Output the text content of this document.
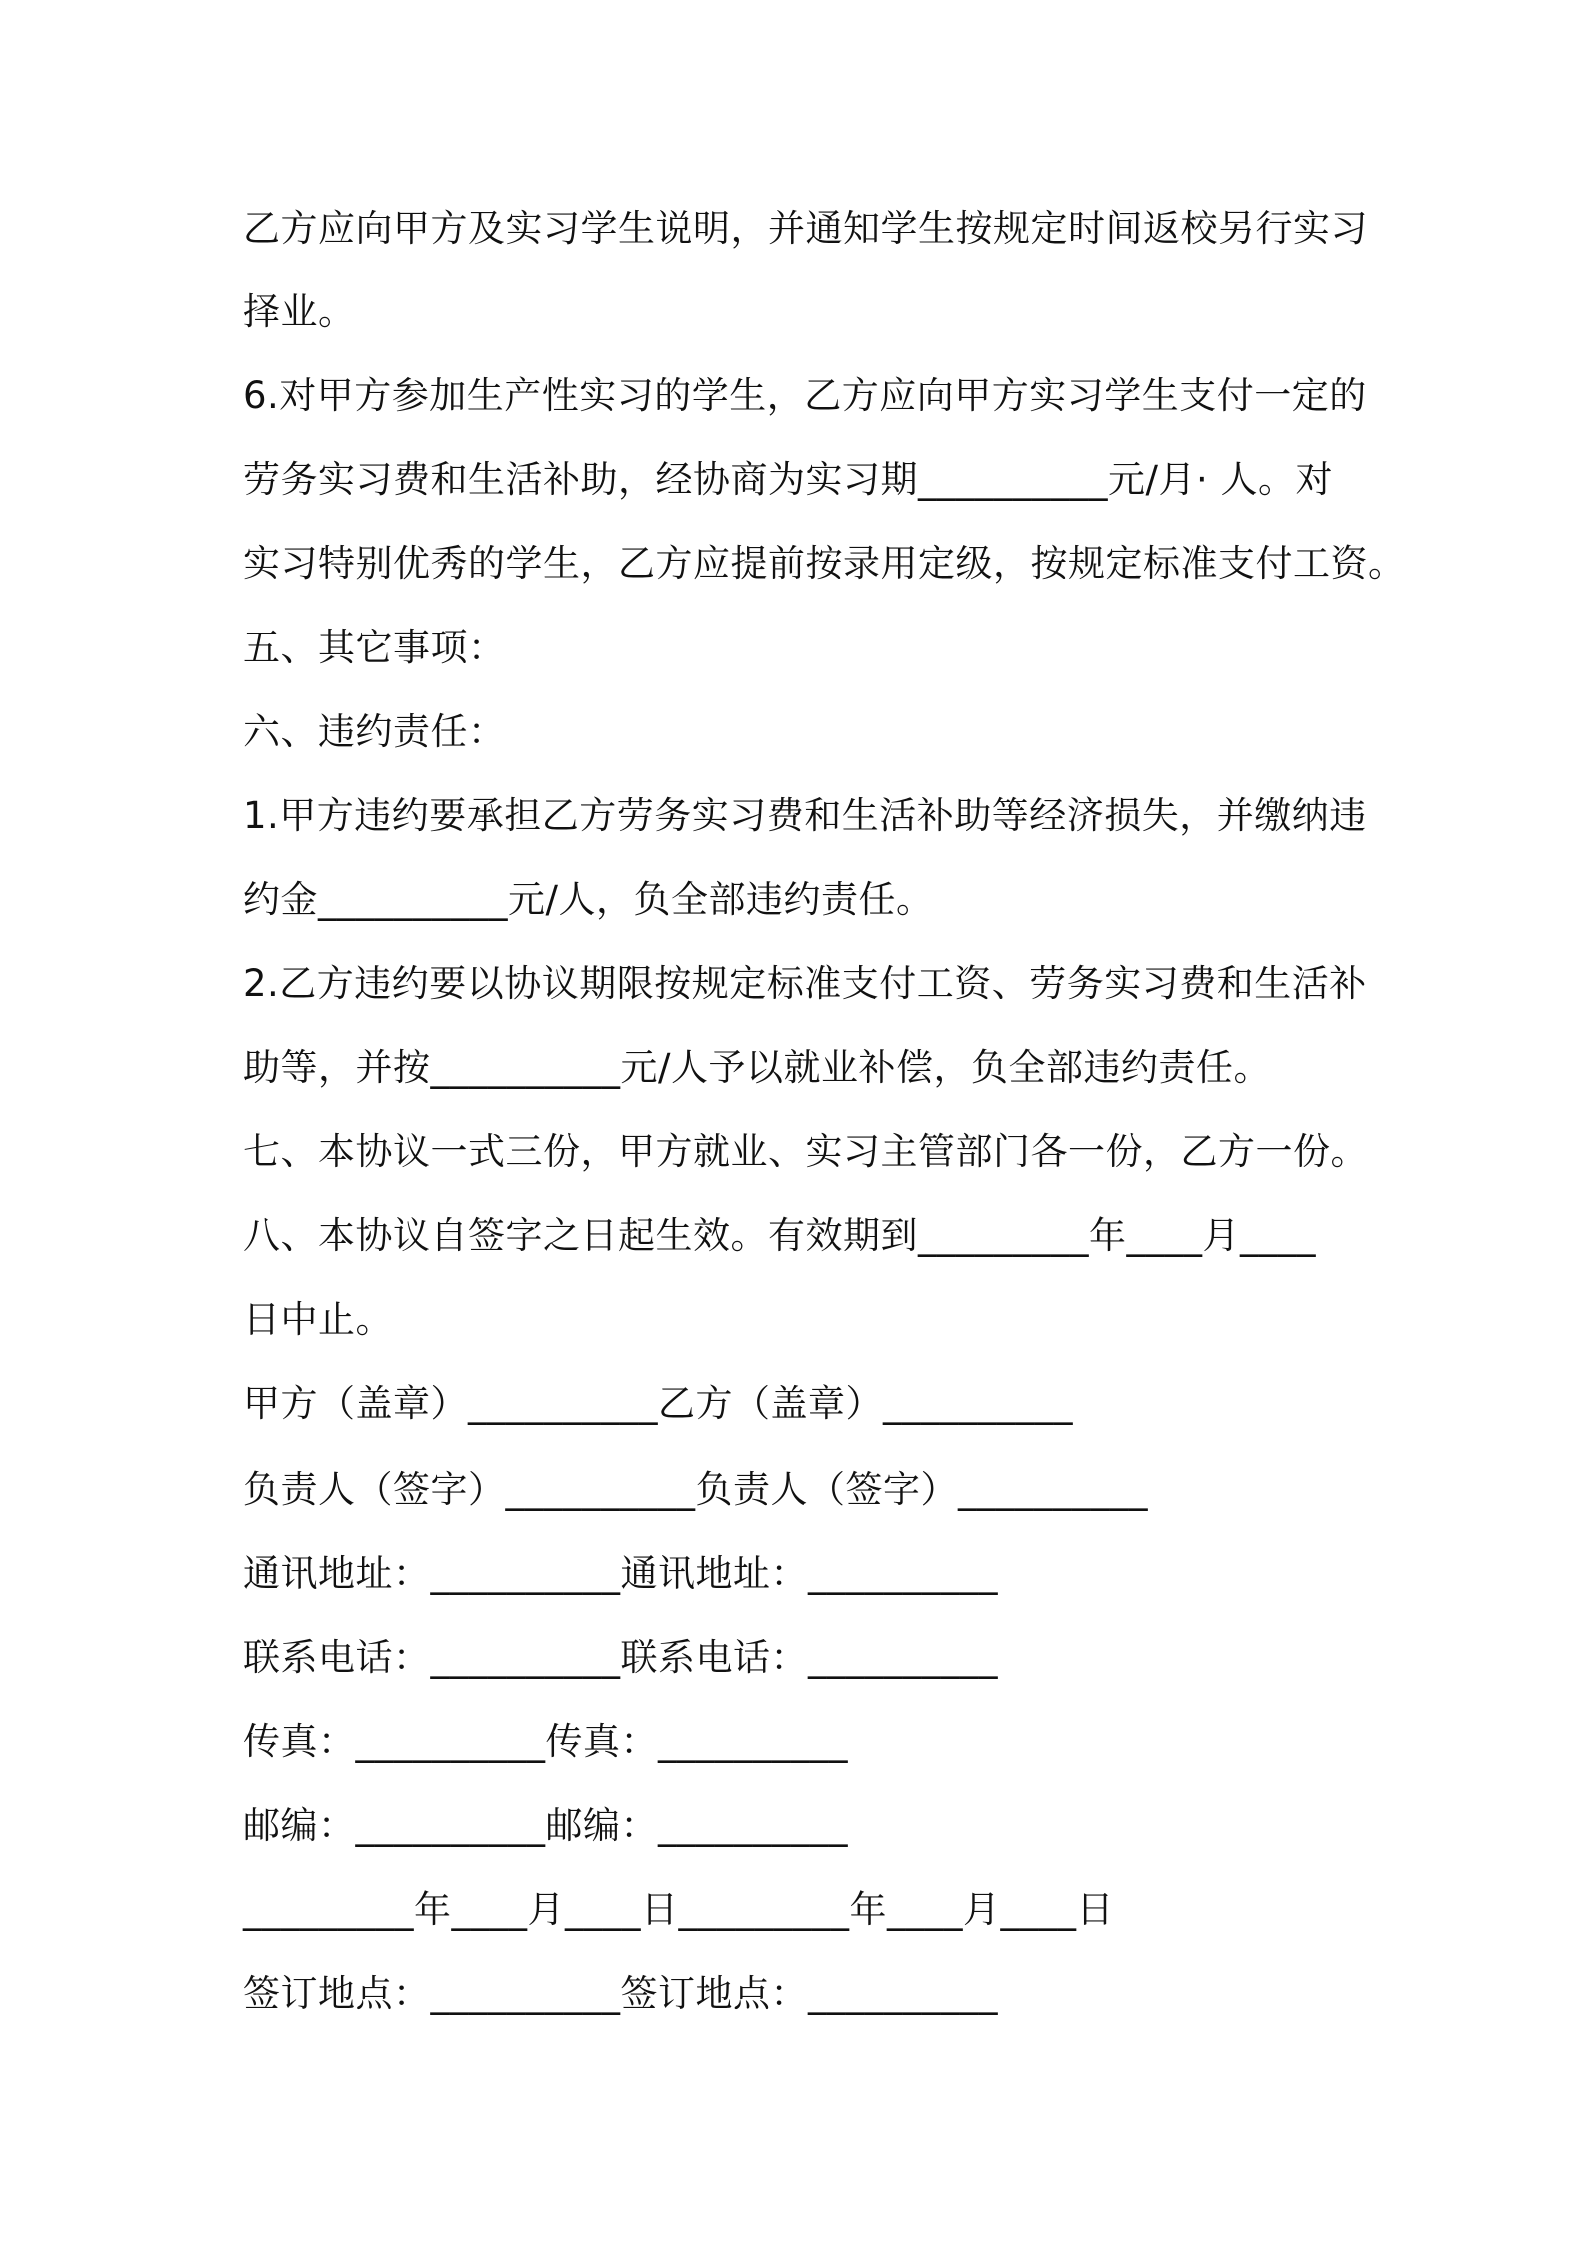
乙方应向甲方及实习学生说明，并通知学生按规定时间返校另行实习
择业。
6.对甲方参加生产性实习的学生，乙方应向甲方实习学生支付一定的
劳务实习费和生活补助，经协商为实习期__________元/月· 人。对
实习特别优秀的学生，乙方应提前按录用定级，按规定标准支付工资。
五、其它事项：
六、违约责任：
1.甲方违约要承担乙方劳务实习费和生活补助等经济损失，并缴纳违
约金__________元/人，负全部违约责任。
2.乙方违约要以协议期限按规定标准支付工资、劳务实习费和生活补
助等，并按__________元/人予以就业补偿，负全部违约责任。
七、本协议一式三份，甲方就业、实习主管部门各一份，乙方一份。
八、本协议自签字之日起生效。有效期到_________年____月____
日中止。
甲方（盖章）__________乙方（盖章）__________
负责人（签字）__________负责人（签字）__________
通讯地址：__________通讯地址：__________
联系电话：__________联系电话：__________
传真：__________传真：__________
邮编：__________邮编：__________
_________年____月____日_________年____月____日
签订地点：__________签订地点：__________
